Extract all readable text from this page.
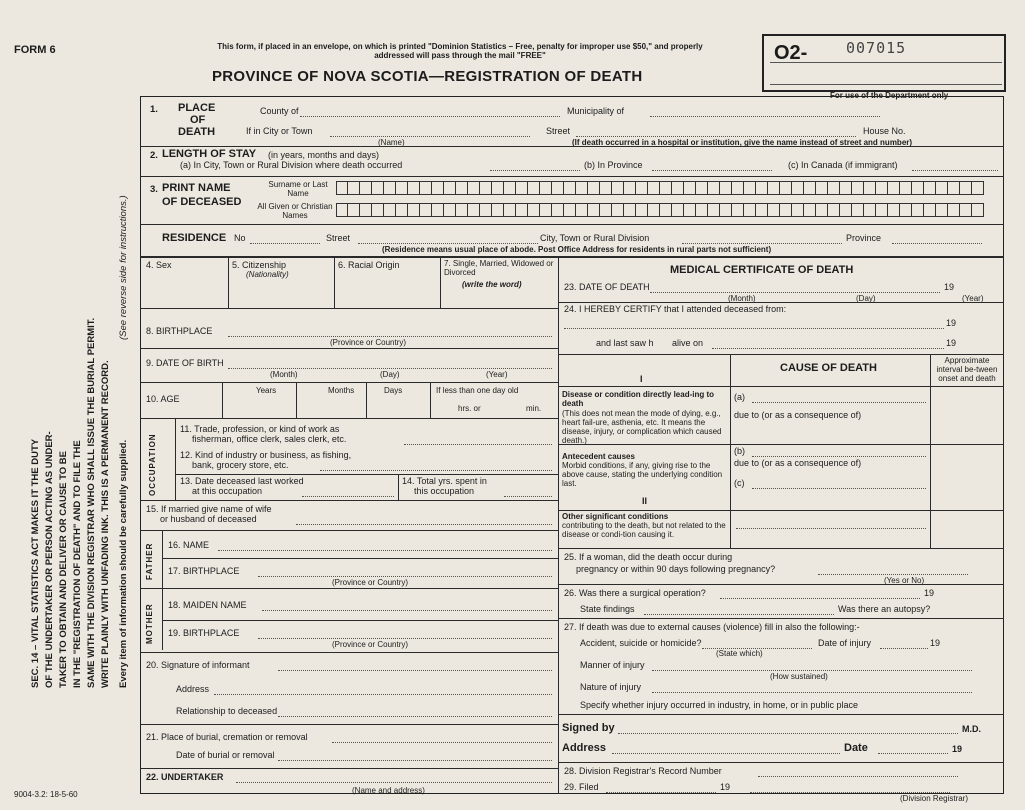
FORM 6	This form, if placed in an envelope, on which is printed "Dominion Statistics – Free, penalty for improper use $50," and properly addressed will pass through the mail "FREE"
PROVINCE OF NOVA SCOTIA—REGISTRATION OF DEATH
O2-	007015
For use of the Department only
SEC. 14 – VITAL STATISTICS ACT MAKES IT THE DUTY OF THE UNDERTAKER OR PERSON ACTING AS UNDER- TAKER TO OBTAIN AND DELIVER OR CAUSE TO BE IN THE "REGISTRATION OF DEATH" AND TO FILE THE SAME WITH THE DIVISION REGISTRAR WHO SHALL ISSUE THE BURIAL PERMIT. WRITE PLAINLY WITH UNFADING INK. THIS IS A PERMANENT RECORD. Every item of information should be carefully supplied.
(See reverse side for instructions.)
9004-3.2: 18-5-60
1. PLACE
OF
DEATH
County of	Municipality of
If in City or Town
(Name)
Street	House No.
(If death occurred in a hospital or institution, give the name instead of street and number)
2. LENGTH OF STAY (in years, months and days)
(a) In City, Town or Rural Division where death occurred	(b) In Province	(c) In Canada (if immigrant)
3. PRINT NAME
OF DECEASED
Surname or Last Name
All Given or Christian Names
RESIDENCE No	Street	City, Town or Rural Division	Province
(Residence means usual place of abode. Post Office Address for residents in rural parts not sufficient)
4. Sex	5. Citizenship
(Nationality)
6. Racial Origin	7. Single, Married, Widowed or Divorced
(write the word)
8. BIRTHPLACE
(Province or Country)
9. DATE OF BIRTH
(Month)	(Day)	(Year)
10. AGE
Years	Months	Days	If less than one day old
hrs. or	min.
OCCUPATION
11. Trade, profession, or kind of work as
fisherman, office clerk, sales clerk, etc.
12. Kind of industry or business, as fishing,
bank, grocery store, etc.
13. Date deceased last worked
at this occupation
14. Total yrs. spent in
this occupation
15. If married give name of wife
or husband of deceased
FATHER 16. NAME
17. BIRTHPLACE
(Province or Country)
MOTHER 18. MAIDEN NAME
19. BIRTHPLACE
(Province or Country)
20. Signature of informant
Address
Relationship to deceased
21. Place of burial, cremation or removal
Date of burial or removal
22. UNDERTAKER
(Name and address)
MEDICAL CERTIFICATE OF DEATH
23. DATE OF DEATH	19
(Month)	(Day)	(Year)
24. I HEREBY CERTIFY that I attended deceased from:
19
and last saw h alive on	19
CAUSE OF DEATH
Approximate interval be-tween onset and death
I
Disease or condition directly lead-ing to death
(This does not mean the mode of dying, e.g., heart fail-ure, asthenia, etc. It means the disease, injury, or complication which caused death.)
(a)
due to (or as a consequence of)
Antecedent causes
Morbid conditions, if any, giving rise to the above cause, stating the underlying condition last.
(b)
due to (or as a consequence of)
(c)
II
Other significant conditions
contributing to the death, but not related to the disease or condi-tion causing it.
25. If a woman, did the death occur during
pregnancy or within 90 days following pregnancy?
(Yes or No)
26. Was there a surgical operation?	19
State findings	Was there an autopsy?
27. If death was due to external causes (violence) fill in also the following:-
Accident, suicide or homicide?	Date of injury	19
(State which)
Manner of injury
(How sustained)
Nature of injury
Specify whether injury occurred in industry, in home, or in public place
Signed by	M.D.
Address	Date	19
28. Division Registrar's Record Number
29. Filed	19
(Division Registrar)
